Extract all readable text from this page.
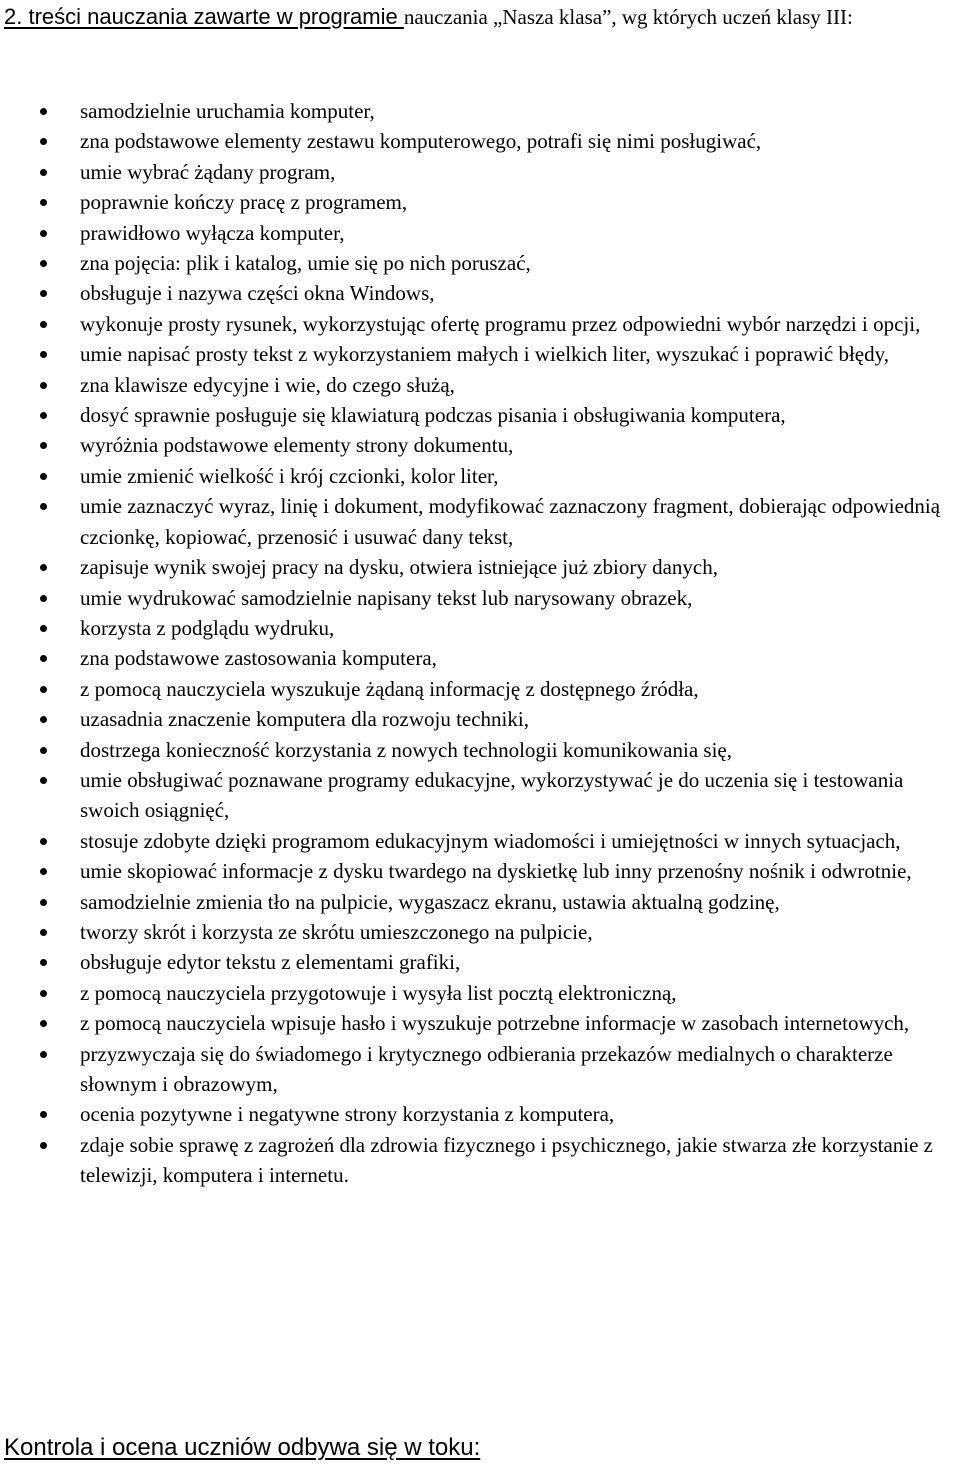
2. treści nauczania zawarte w programie nauczania „Nasza klasa”, wg których uczeń klasy III:
samodzielnie uruchamia komputer,
zna podstawowe elementy zestawu komputerowego, potrafi się nimi posługiwać,
umie wybrać żądany program,
poprawnie kończy pracę z programem,
prawidłowo wyłącza komputer,
zna pojęcia: plik i katalog, umie się po nich poruszać,
obsługuje i nazywa części okna Windows,
wykonuje prosty rysunek, wykorzystując ofertę programu przez odpowiedni wybór narzędzi i opcji,
umie napisać prosty tekst z wykorzystaniem małych i wielkich liter, wyszukać i poprawić błędy,
zna klawisze edycyjne i wie, do czego służą,
dosyć sprawnie posługuje się klawiaturą podczas pisania i obsługiwania komputera,
wyróżnia podstawowe elementy strony dokumentu,
umie zmienić wielkość i krój czcionki, kolor liter,
umie zaznaczyć wyraz, linię i dokument, modyfikować zaznaczony fragment, dobierając odpowiednią czcionkę, kopiować, przenosić i usuwać dany tekst,
zapisuje wynik swojej pracy na dysku, otwiera istniejące już zbiory danych,
umie wydrukować samodzielnie napisany tekst lub narysowany obrazek,
korzysta z podglądu wydruku,
zna podstawowe zastosowania komputera,
z pomocą nauczyciela wyszukuje żądaną informację z dostępnego źródła,
uzasadnia znaczenie komputera dla rozwoju techniki,
dostrzega konieczność korzystania z nowych technologii komunikowania się,
umie obsługiwać poznawane programy edukacyjne, wykorzystywać je do uczenia się i testowania swoich osiągnięć,
stosuje zdobyte dzięki programom edukacyjnym wiadomości i umiejętności w innych sytuacjach,
umie skopiować informacje z dysku twardego na dyskietkę lub inny przenośny nośnik i odwrotnie,
samodzielnie zmienia tło na pulpicie, wygaszacz ekranu, ustawia aktualną godzinę,
tworzy skrót i korzysta ze skrótu umieszczonego na pulpicie,
obsługuje edytor tekstu z elementami grafiki,
z pomocą nauczyciela przygotowuje i wysyła list pocztą elektroniczną,
z pomocą nauczyciela wpisuje hasło i wyszukuje potrzebne informacje w zasobach internetowych,
przyzwyczaja się do świadomego i krytycznego odbierania przekazów medialnych o charakterze słownym i obrazowym,
ocenia pozytywne i negatywne strony korzystania z komputera,
zdaje sobie sprawę z zagrożeń dla zdrowia fizycznego i psychicznego, jakie stwarza złe korzystanie z telewizji, komputera i internetu.
Kontrola i ocena uczniów odbywa się w toku:
